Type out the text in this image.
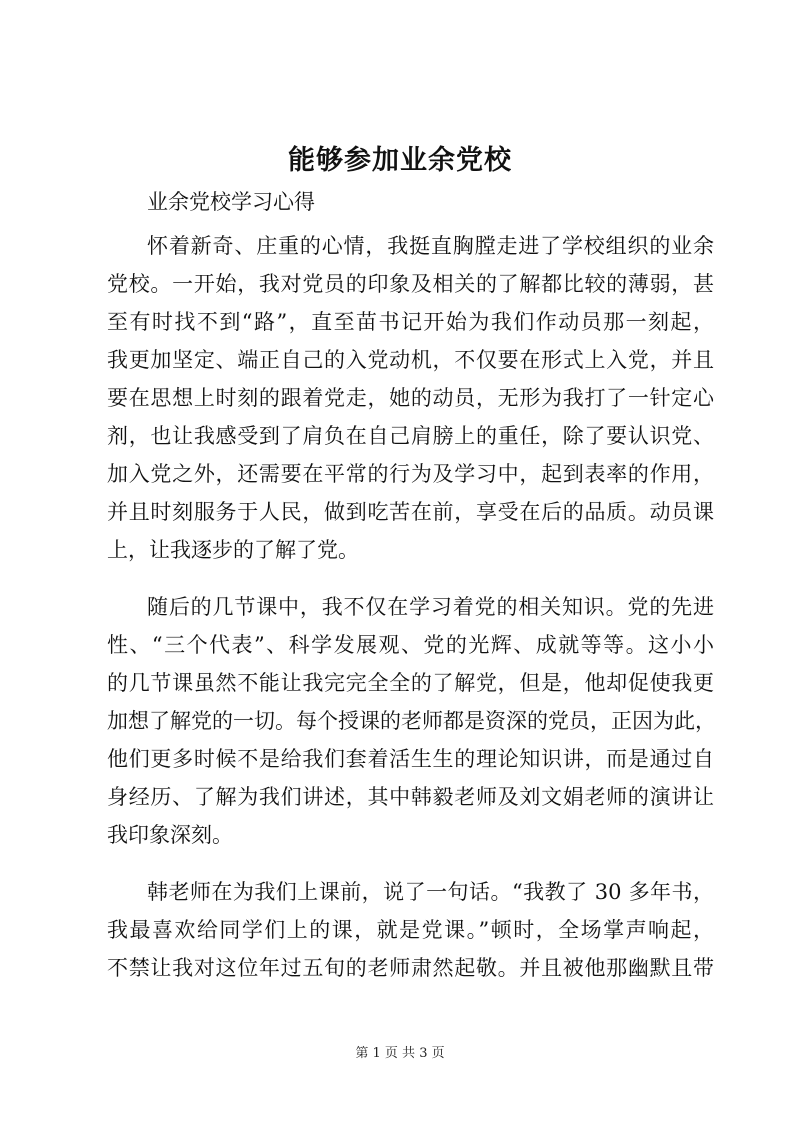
能够参加业余党校

业余党校学习心得

怀着新奇、庄重的心情，我挺直胸膛走进了学校组织的业余
党校。一开始，我对党员的印象及相关的了解都比较的薄弱，甚
至有时找不到“路”，直至苗书记开始为我们作动员那一刻起，
我更加坚定、端正自己的入党动机，不仅要在形式上入党，并且
要在思想上时刻的跟着党走，她的动员，无形为我打了一针定心
剂，也让我感受到了肩负在自己肩膀上的重任，除了要认识党、
加入党之外，还需要在平常的行为及学习中，起到表率的作用，
并且时刻服务于人民，做到吃苦在前，享受在后的品质。动员课
上，让我逐步的了解了党。
随后的几节课中，我不仅在学习着党的相关知识。党的先进
性、“三个代表”、科学发展观、党的光辉、成就等等。这小小
的几节课虽然不能让我完完全全的了解党，但是，他却促使我更
加想了解党的一切。每个授课的老师都是资深的党员，正因为此，
他们更多时候不是给我们套着活生生的理论知识讲，而是通过自
身经历、了解为我们讲述，其中韩毅老师及刘文娟老师的演讲让
我印象深刻。
韩老师在为我们上课前，说了一句话。“我教了 30 多年书，
我最喜欢给同学们上的课，就是党课。”顿时，全场掌声响起，
不禁让我对这位年过五旬的老师肃然起敬。并且被他那幽默且带

第 1 页 共 3 页
